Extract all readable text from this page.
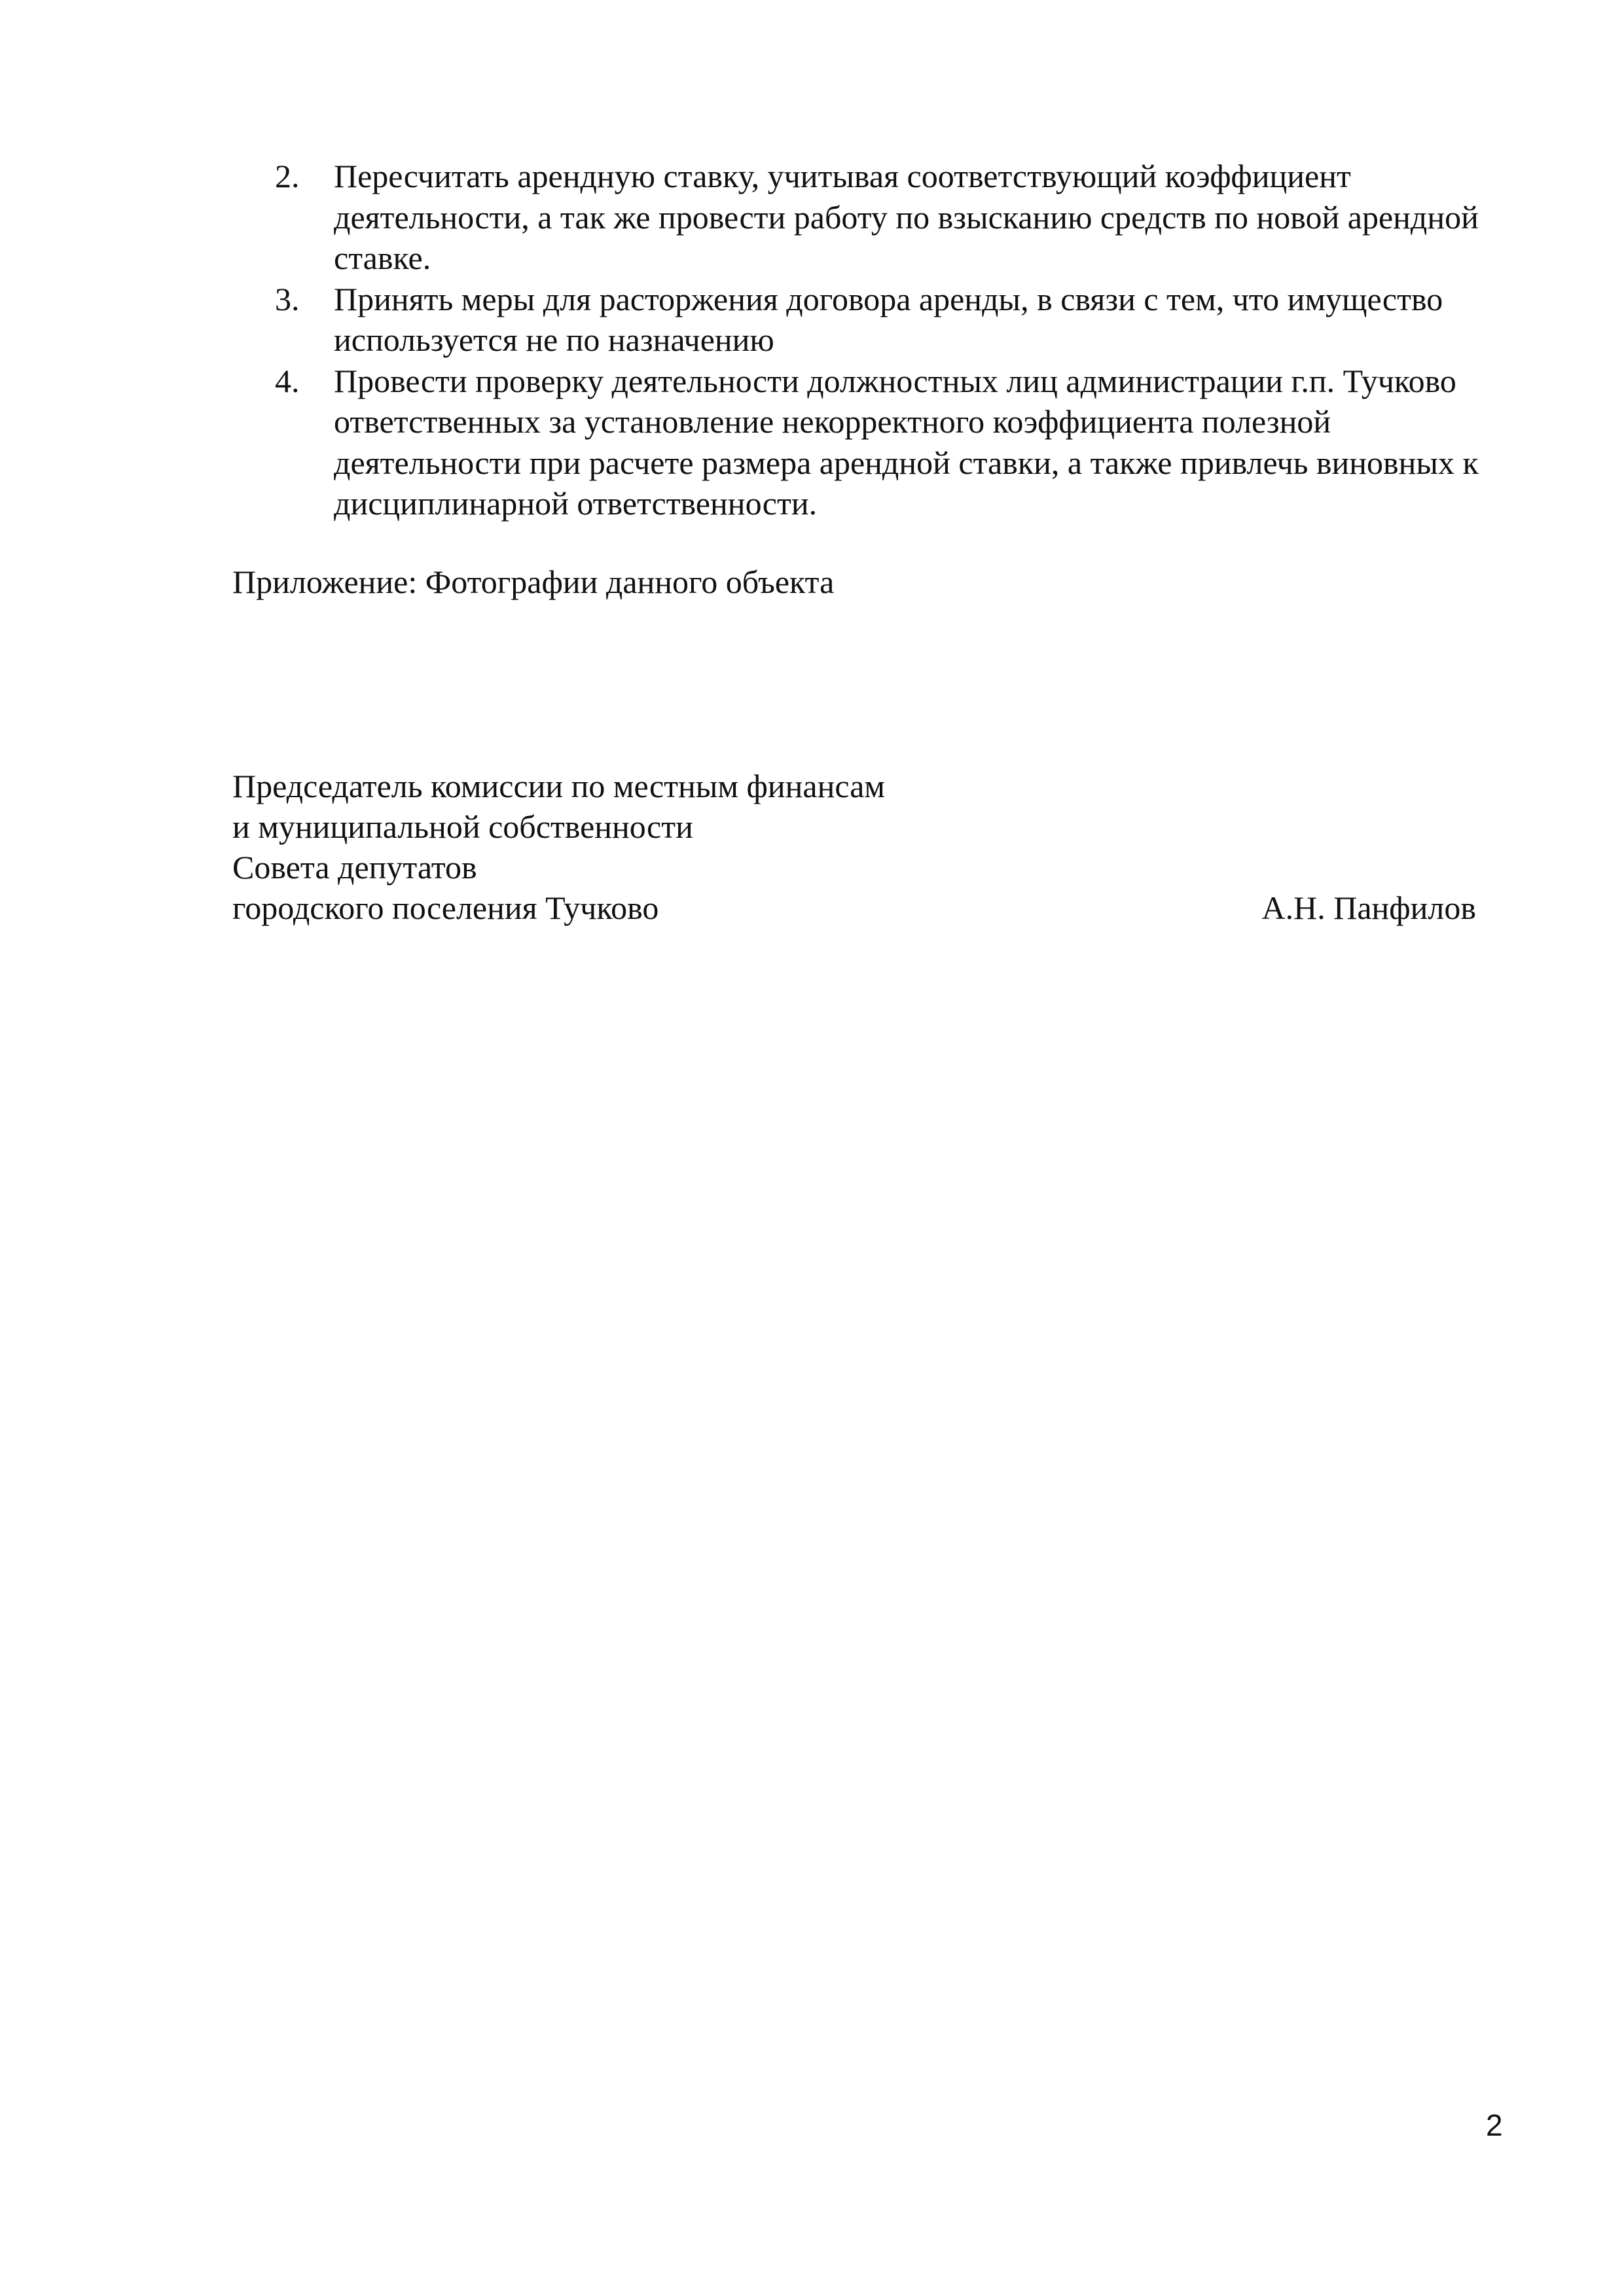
2.	Пересчитать арендную ставку, учитывая соответствующий коэффициент деятельности, а так же провести работу по взысканию средств по новой арендной ставке.
3.	Принять меры для расторжения договора аренды, в связи с тем, что имущество используется не по назначению
4.	Провести проверку деятельности должностных лиц администрации г.п. Тучково ответственных за установление некорректного коэффициента полезной деятельности при расчете размера арендной ставки, а также привлечь виновных к дисциплинарной ответственности.
Приложение: Фотографии данного объекта
Председатель комиссии по местным финансам
и муниципальной собственности
Совета депутатов
городского поселения Тучково	А.Н. Панфилов
2
